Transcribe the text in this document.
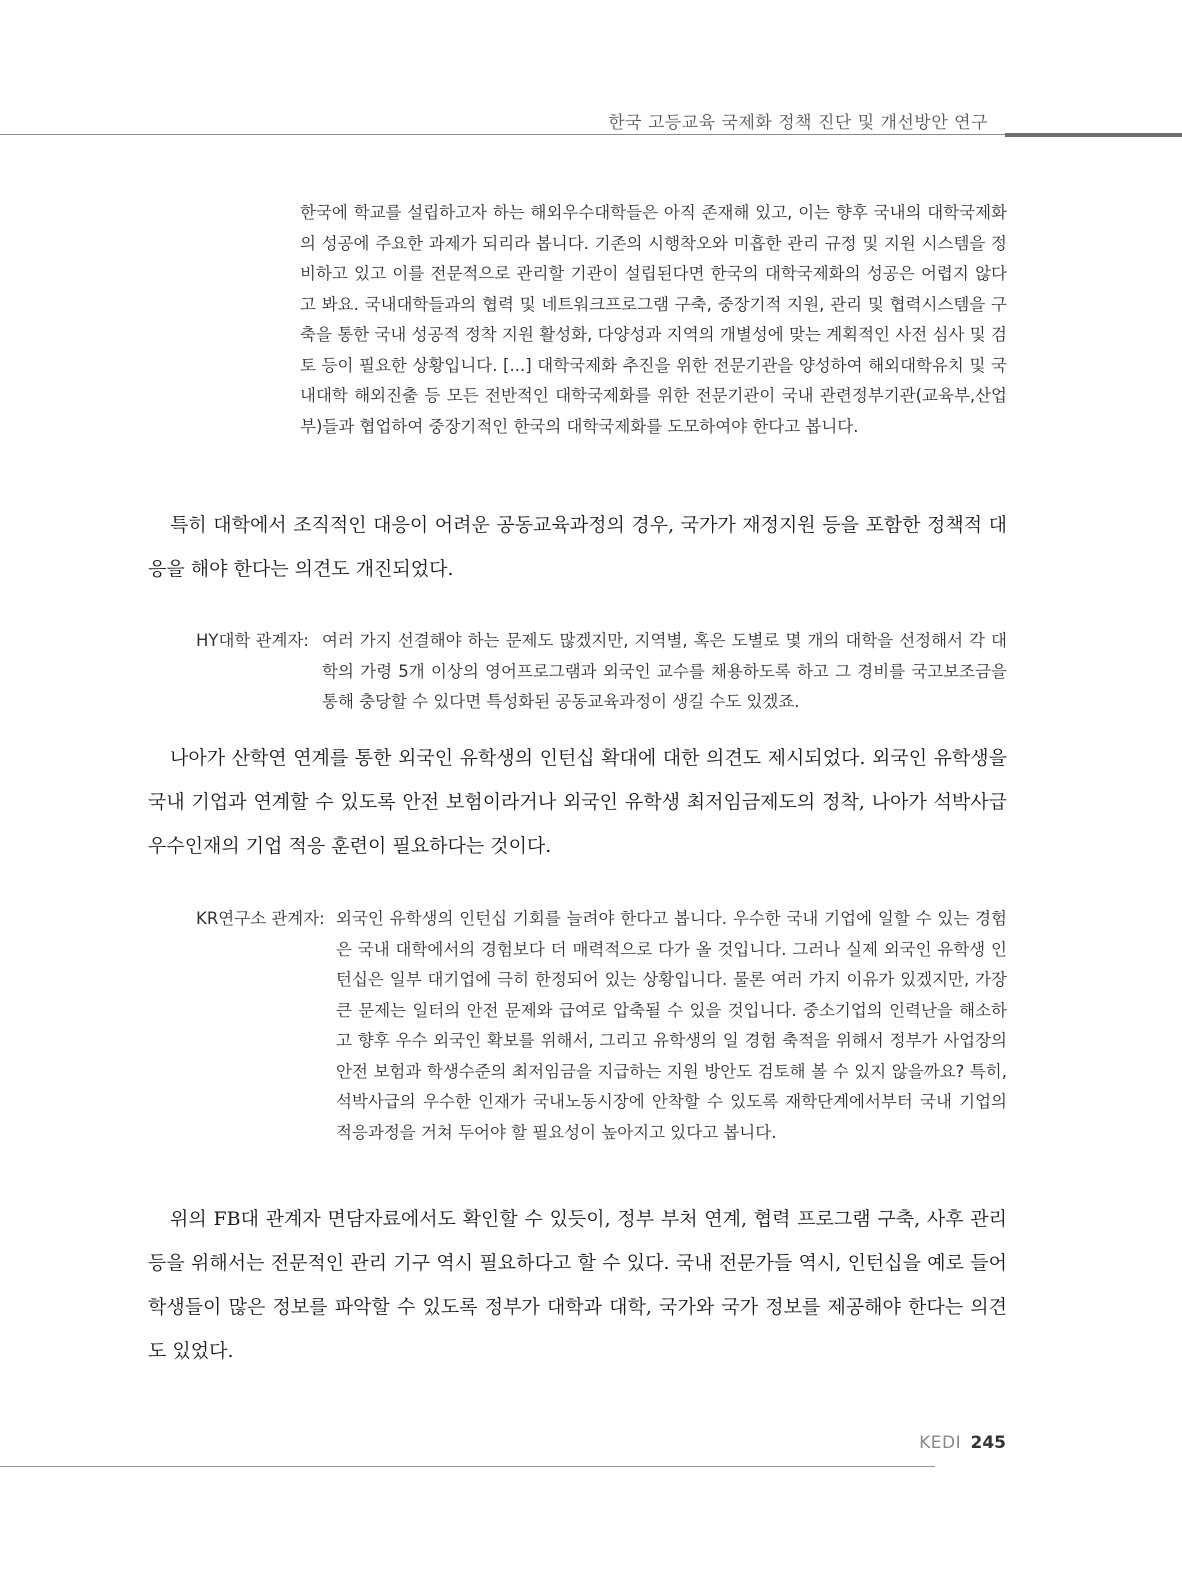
한국 고등교육 국제화 정책 진단 및 개선방안 연구
한국에 학교를 설립하고자 하는 해외우수대학들은 아직 존재해 있고, 이는 향후 국내의 대학국제화의 성공에 주요한 과제가 되리라 봅니다. 기존의 시행착오와 미흡한 관리 규정 및 지원 시스템을 정비하고 있고 이를 전문적으로 관리할 기관이 설립된다면 한국의 대학국제화의 성공은 어렵지 않다고 봐요. 국내대학들과의 협력 및 네트워크프로그램 구축, 중장기적 지원, 관리 및 협력시스템을 구축을 통한 국내 성공적 정착 지원 활성화, 다양성과 지역의 개별성에 맞는 계획적인 사전 심사 및 검토 등이 필요한 상황입니다. [...] 대학국제화 추진을 위한 전문기관을 양성하여 해외대학유치 및 국내대학 해외진출 등 모든 전반적인 대학국제화를 위한 전문기관이 국내 관련정부기관(교육부,산업부)들과 협업하여 중장기적인 한국의 대학국제화를 도모하여야 한다고 봅니다.
특히 대학에서 조직적인 대응이 어려운 공동교육과정의 경우, 국가가 재정지원 등을 포함한 정책적 대응을 해야 한다는 의견도 개진되었다.
HY대학 관계자: 여러 가지 선결해야 하는 문제도 많겠지만, 지역별, 혹은 도별로 몇 개의 대학을 선정해서 각 대학의 가령 5개 이상의 영어프로그램과 외국인 교수를 채용하도록 하고 그 경비를 국고보조금을 통해 충당할 수 있다면 특성화된 공동교육과정이 생길 수도 있겠죠.
나아가 산학연 연계를 통한 외국인 유학생의 인턴십 확대에 대한 의견도 제시되었다. 외국인 유학생을 국내 기업과 연계할 수 있도록 안전 보험이라거나 외국인 유학생 최저임금제도의 정착, 나아가 석박사급 우수인재의 기업 적응 훈련이 필요하다는 것이다.
KR연구소 관계자: 외국인 유학생의 인턴십 기회를 늘려야 한다고 봅니다. 우수한 국내 기업에 일할 수 있는 경험은 국내 대학에서의 경험보다 더 매력적으로 다가 올 것입니다. 그러나 실제 외국인 유학생 인턴십은 일부 대기업에 극히 한정되어 있는 상황입니다. 물론 여러 가지 이유가 있겠지만, 가장 큰 문제는 일터의 안전 문제와 급여로 압축될 수 있을 것입니다. 중소기업의 인력난을 해소하고 향후 우수 외국인 확보를 위해서, 그리고 유학생의 일 경험 축적을 위해서 정부가 사업장의 안전 보험과 학생수준의 최저임금을 지급하는 지원 방안도 검토해 볼 수 있지 않을까요? 특히, 석박사급의 우수한 인재가 국내노동시장에 안착할 수 있도록 재학단계에서부터 국내 기업의 적응과정을 거쳐 두어야 할 필요성이 높아지고 있다고 봅니다.
위의 FB대 관계자 면담자료에서도 확인할 수 있듯이, 정부 부처 연계, 협력 프로그램 구축, 사후 관리 등을 위해서는 전문적인 관리 기구 역시 필요하다고 할 수 있다. 국내 전문가들 역시, 인턴십을 예로 들어 학생들이 많은 정보를 파악할 수 있도록 정부가 대학과 대학, 국가와 국가 정보를 제공해야 한다는 의견도 있었다.
KEDI 245
